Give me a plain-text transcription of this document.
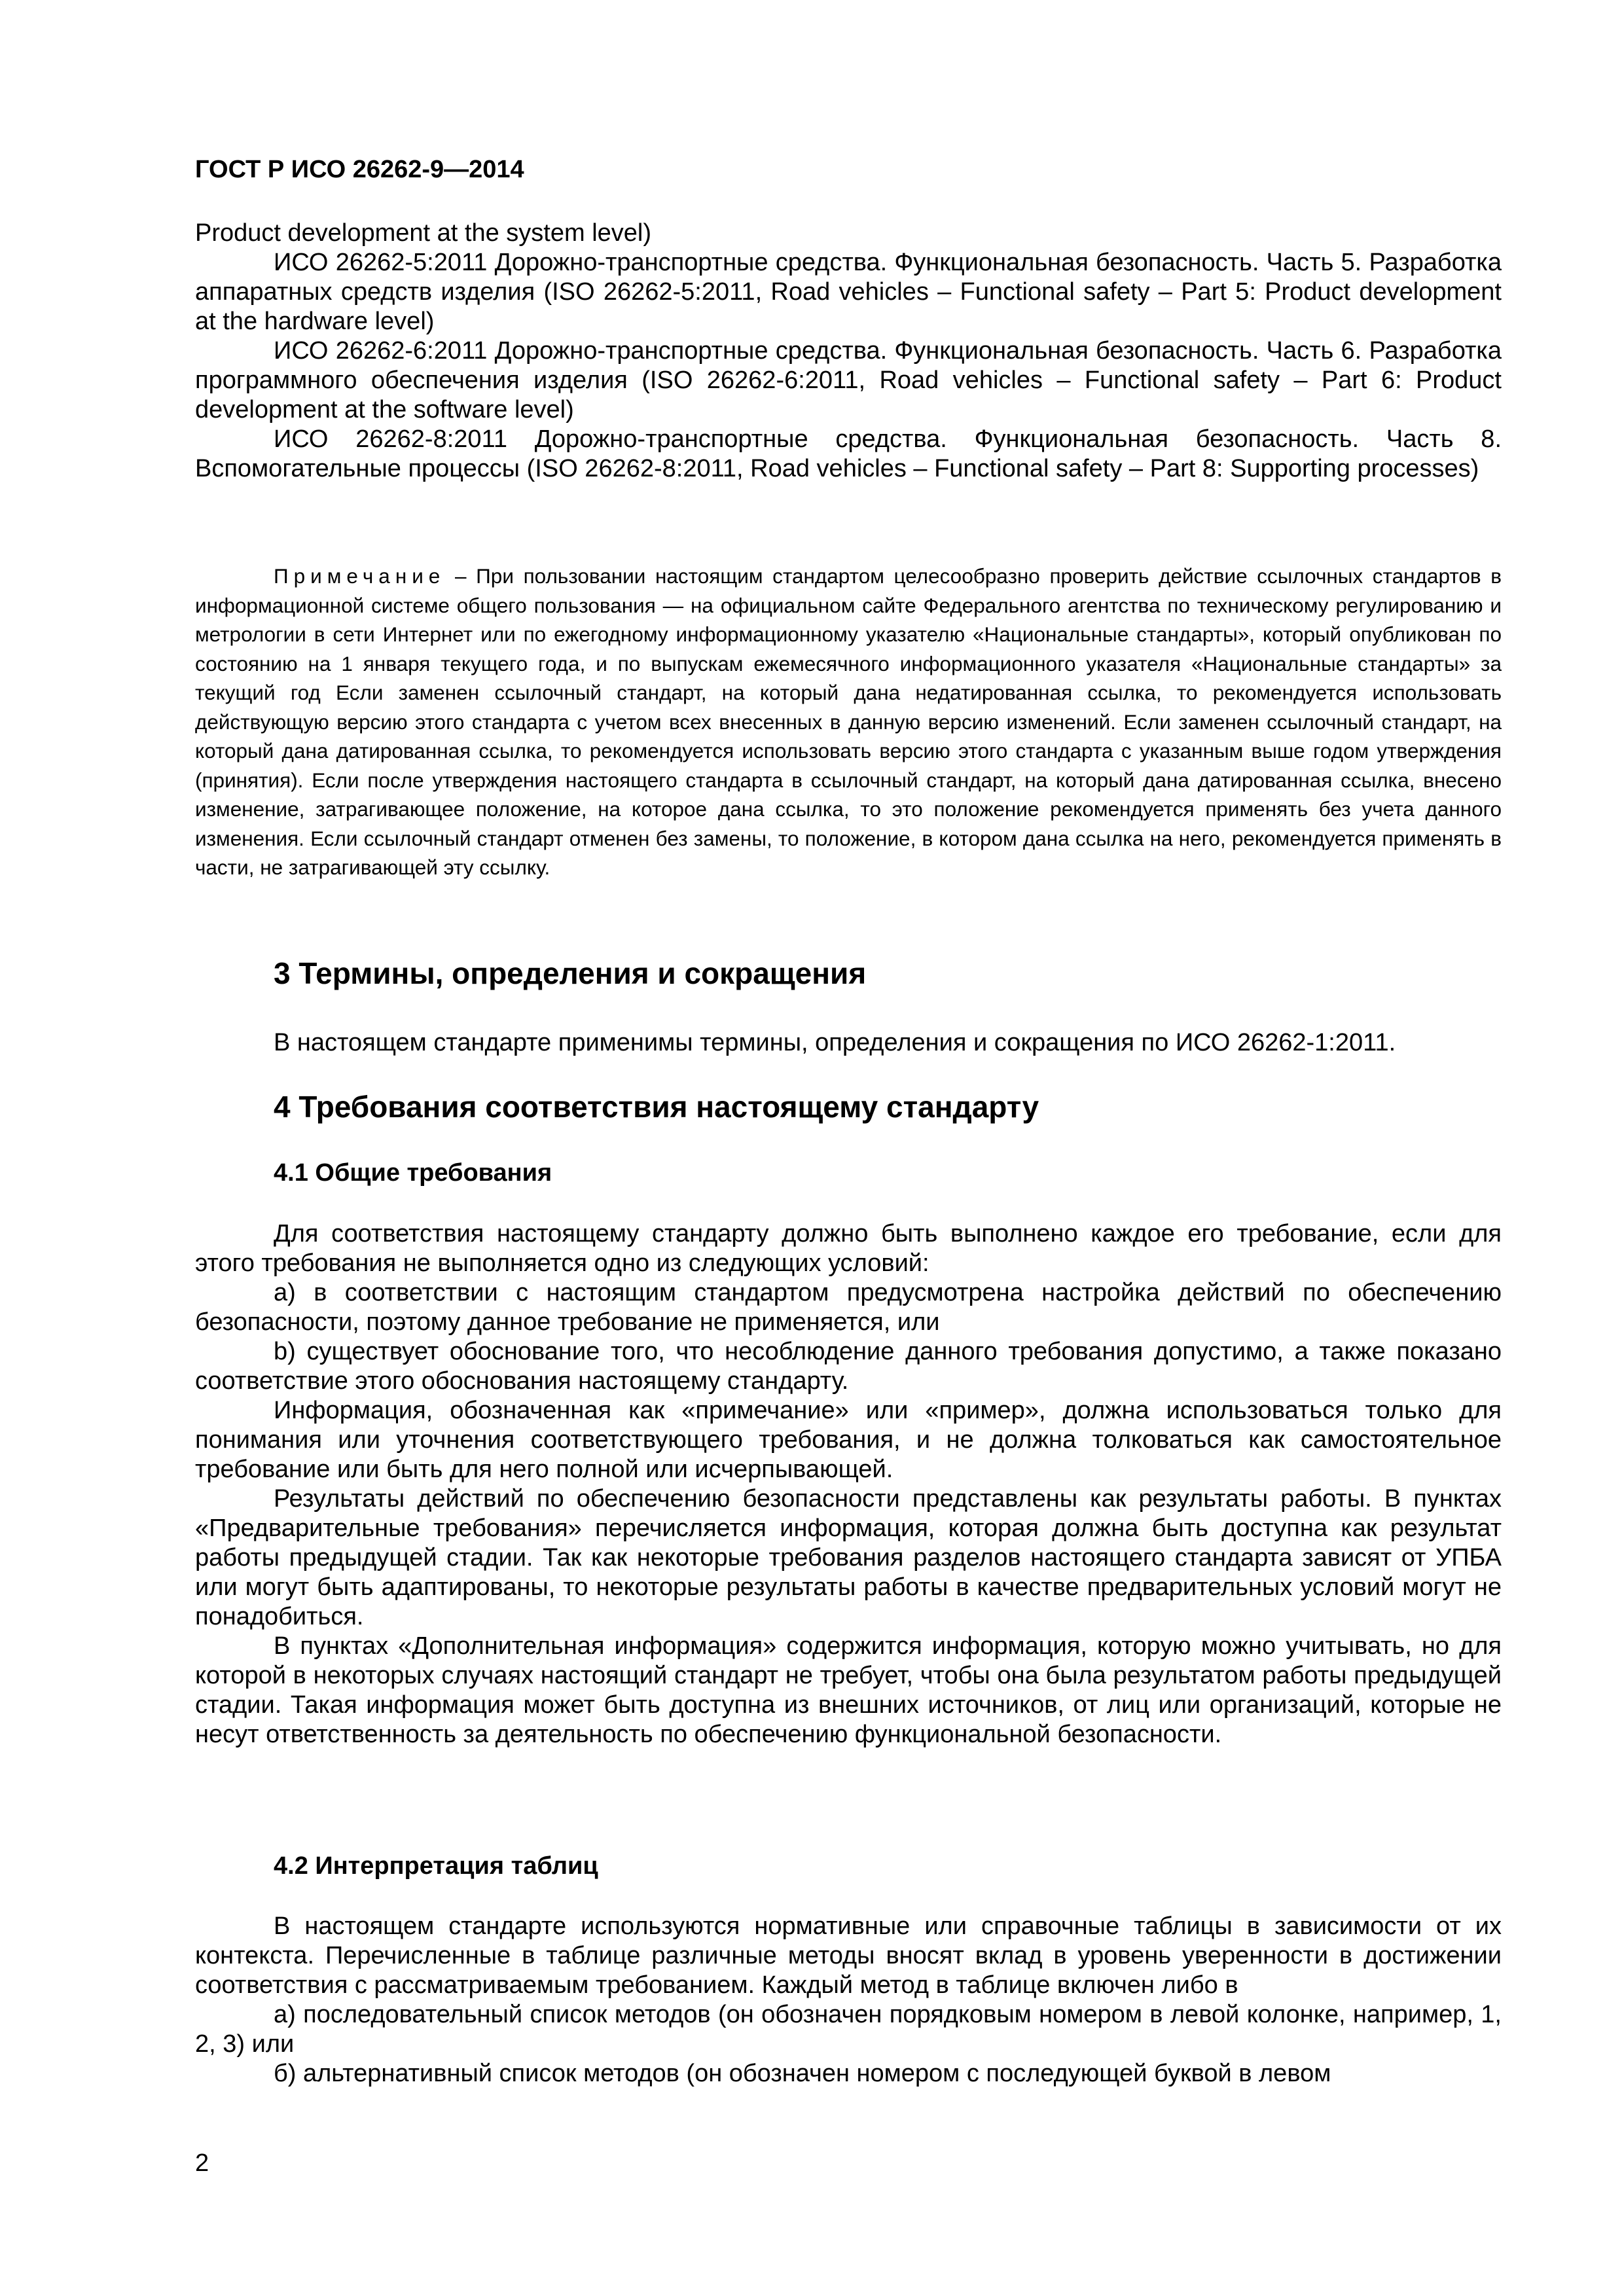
ГОСТ Р ИСО 26262-9—2014

Product development at the system level)

ИСО 26262-5:2011 Дорожно-транспортные средства. Функциональная безопасность. Часть 5. Разработка аппаратных средств изделия (ISO 26262-5:2011, Road vehicles – Functional safety – Part 5: Product development at the hardware level)

ИСО 26262-6:2011 Дорожно-транспортные средства. Функциональная безопасность. Часть 6. Разработка программного обеспечения изделия (ISO 26262-6:2011, Road vehicles – Functional safety – Part 6: Product development at the software level)

ИСО 26262-8:2011 Дорожно-транспортные средства. Функциональная безопасность. Часть 8. Вспомогательные процессы (ISO 26262-8:2011, Road vehicles – Functional safety – Part 8: Supporting processes)

Примечание – При пользовании настоящим стандартом целесообразно проверить действие ссылочных стандартов в информационной системе общего пользования — на официальном сайте Федерального агентства по техническому регулированию и метрологии в сети Интернет или по ежегодному информационному указателю «Национальные стандарты», который опубликован по состоянию на 1 января текущего года, и по выпускам ежемесячного информационного указателя «Национальные стандарты» за текущий год Если заменен ссылочный стандарт, на который дана недатированная ссылка, то рекомендуется использовать действующую версию этого стандарта с учетом всех внесенных в данную версию изменений. Если заменен ссылочный стандарт, на который дана датированная ссылка, то рекомендуется использовать версию этого стандарта с указанным выше годом утверждения (принятия). Если после утверждения настоящего стандарта в ссылочный стандарт, на который дана датированная ссылка, внесено изменение, затрагивающее положение, на которое дана ссылка, то это положение рекомендуется применять без учета данного изменения. Если ссылочный стандарт отменен без замены, то положение, в котором дана ссылка на него, рекомендуется применять в части, не затрагивающей эту ссылку.
3 Термины, определения и сокращения

В настоящем стандарте применимы термины, определения и сокращения по ИСО 26262-1:2011.

4 Требования соответствия настоящему стандарту
4.1 Общие требования

Для соответствия настоящему стандарту должно быть выполнено каждое его требование, если для этого требования не выполняется одно из следующих условий:

a) в соответствии с настоящим стандартом предусмотрена настройка действий по обеспечению безопасности, поэтому данное требование не применяется, или

b) существует обоснование того, что несоблюдение данного требования допустимо, а также показано соответствие этого обоснования настоящему стандарту.

Информация, обозначенная как «примечание» или «пример», должна использоваться только для понимания или уточнения соответствующего требования, и не должна толковаться как самостоятельное требование или быть для него полной или исчерпывающей.

Результаты действий по обеспечению безопасности представлены как результаты работы. В пунктах «Предварительные требования» перечисляется информация, которая должна быть доступна как результат работы предыдущей стадии. Так как некоторые требования разделов настоящего стандарта зависят от УПБА или могут быть адаптированы, то некоторые результаты работы в качестве предварительных условий могут не понадобиться.

В пунктах «Дополнительная информация» содержится информация, которую можно учитывать, но для которой в некоторых случаях настоящий стандарт не требует, чтобы она была результатом работы предыдущей стадии. Такая информация может быть доступна из внешних источников, от лиц или организаций, которые не несут ответственность за деятельность по обеспечению функциональной безопасности.

4.2 Интерпретация таблиц

В настоящем стандарте используются нормативные или справочные таблицы в зависимости от их контекста. Перечисленные в таблице различные методы вносят вклад в уровень уверенности в достижении соответствия с рассматриваемым требованием. Каждый метод в таблице включен либо в

а) последовательный список методов (он обозначен порядковым номером в левой колонке, например, 1, 2, 3) или

б) альтернативный список методов (он обозначен номером с последующей буквой в левом

2
